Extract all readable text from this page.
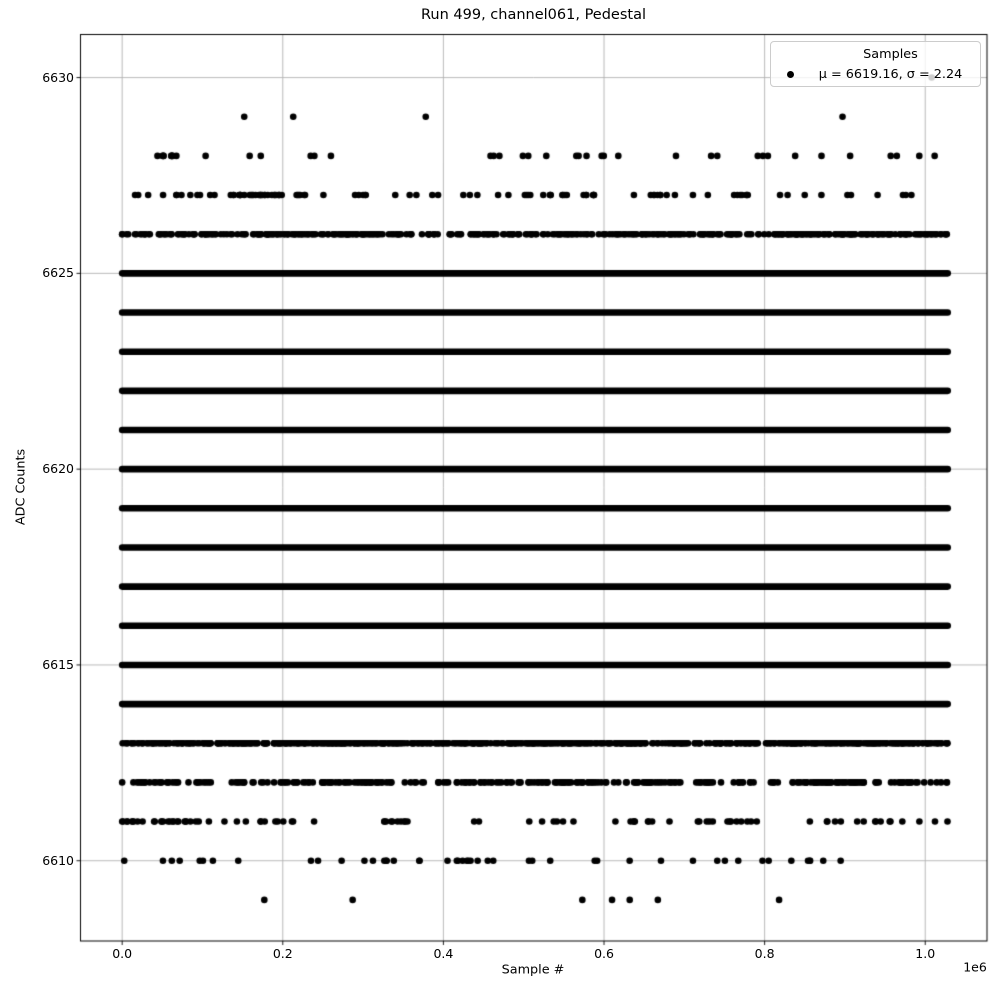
Run 499, channel061, Pedestal
ADC Counts
Sample #	1e6
6610
6615
6620
6625
6630
0.0	0.2	0.4	0.6	0.8	1.0
Samples
μ = 6619.16, σ = 2.24
